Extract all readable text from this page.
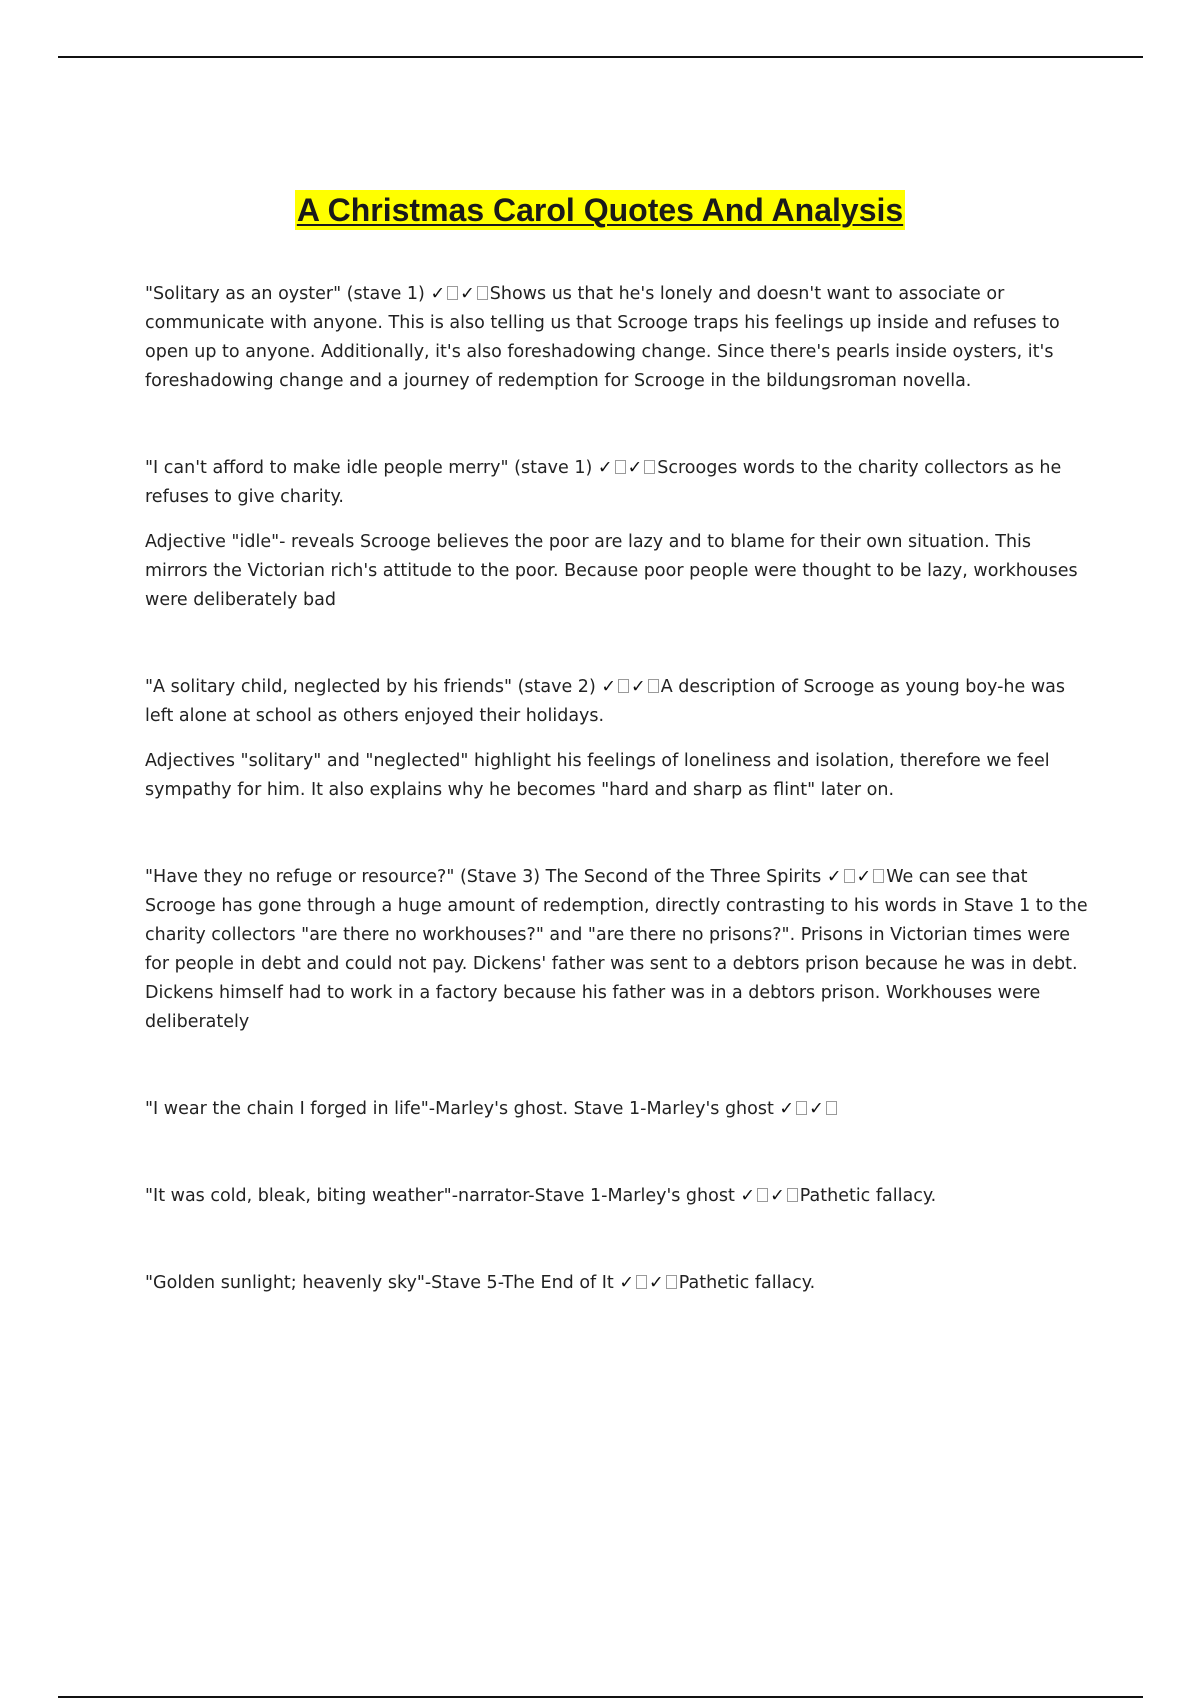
A Christmas Carol Quotes And Analysis

"Solitary as an oyster" (stave 1) ✓ ✓ Shows us that he's lonely and doesn't want to associate or communicate with anyone. This is also telling us that Scrooge traps his feelings up inside and refuses to open up to anyone. Additionally, it's also foreshadowing change. Since there's pearls inside oysters, it's foreshadowing change and a journey of redemption for Scrooge in the bildungsroman novella.

"I can't afford to make idle people merry" (stave 1) ✓ ✓ Scrooges words to the charity collectors as he refuses to give charity.

Adjective "idle"- reveals Scrooge believes the poor are lazy and to blame for their own situation. This mirrors the Victorian rich's attitude to the poor. Because poor people were thought to be lazy, workhouses were deliberately bad

"A solitary child, neglected by his friends" (stave 2) ✓ ✓ A description of Scrooge as young boy-he was left alone at school as others enjoyed their holidays.

Adjectives "solitary" and "neglected" highlight his feelings of loneliness and isolation, therefore we feel sympathy for him. It also explains why he becomes "hard and sharp as flint" later on.

"Have they no refuge or resource?" (Stave 3) The Second of the Three Spirits ✓ ✓ We can see that Scrooge has gone through a huge amount of redemption, directly contrasting to his words in Stave 1 to the charity collectors "are there no workhouses?" and "are there no prisons?". Prisons in Victorian times were for people in debt and could not pay. Dickens' father was sent to a debtors prison because he was in debt. Dickens himself had to work in a factory because his father was in a debtors prison. Workhouses were deliberately

"I wear the chain I forged in life"-Marley's ghost. Stave 1-Marley's ghost ✓ ✓

"It was cold, bleak, biting weather"-narrator-Stave 1-Marley's ghost ✓ ✓ Pathetic fallacy.

"Golden sunlight; heavenly sky"-Stave 5-The End of It ✓ ✓ Pathetic fallacy.
